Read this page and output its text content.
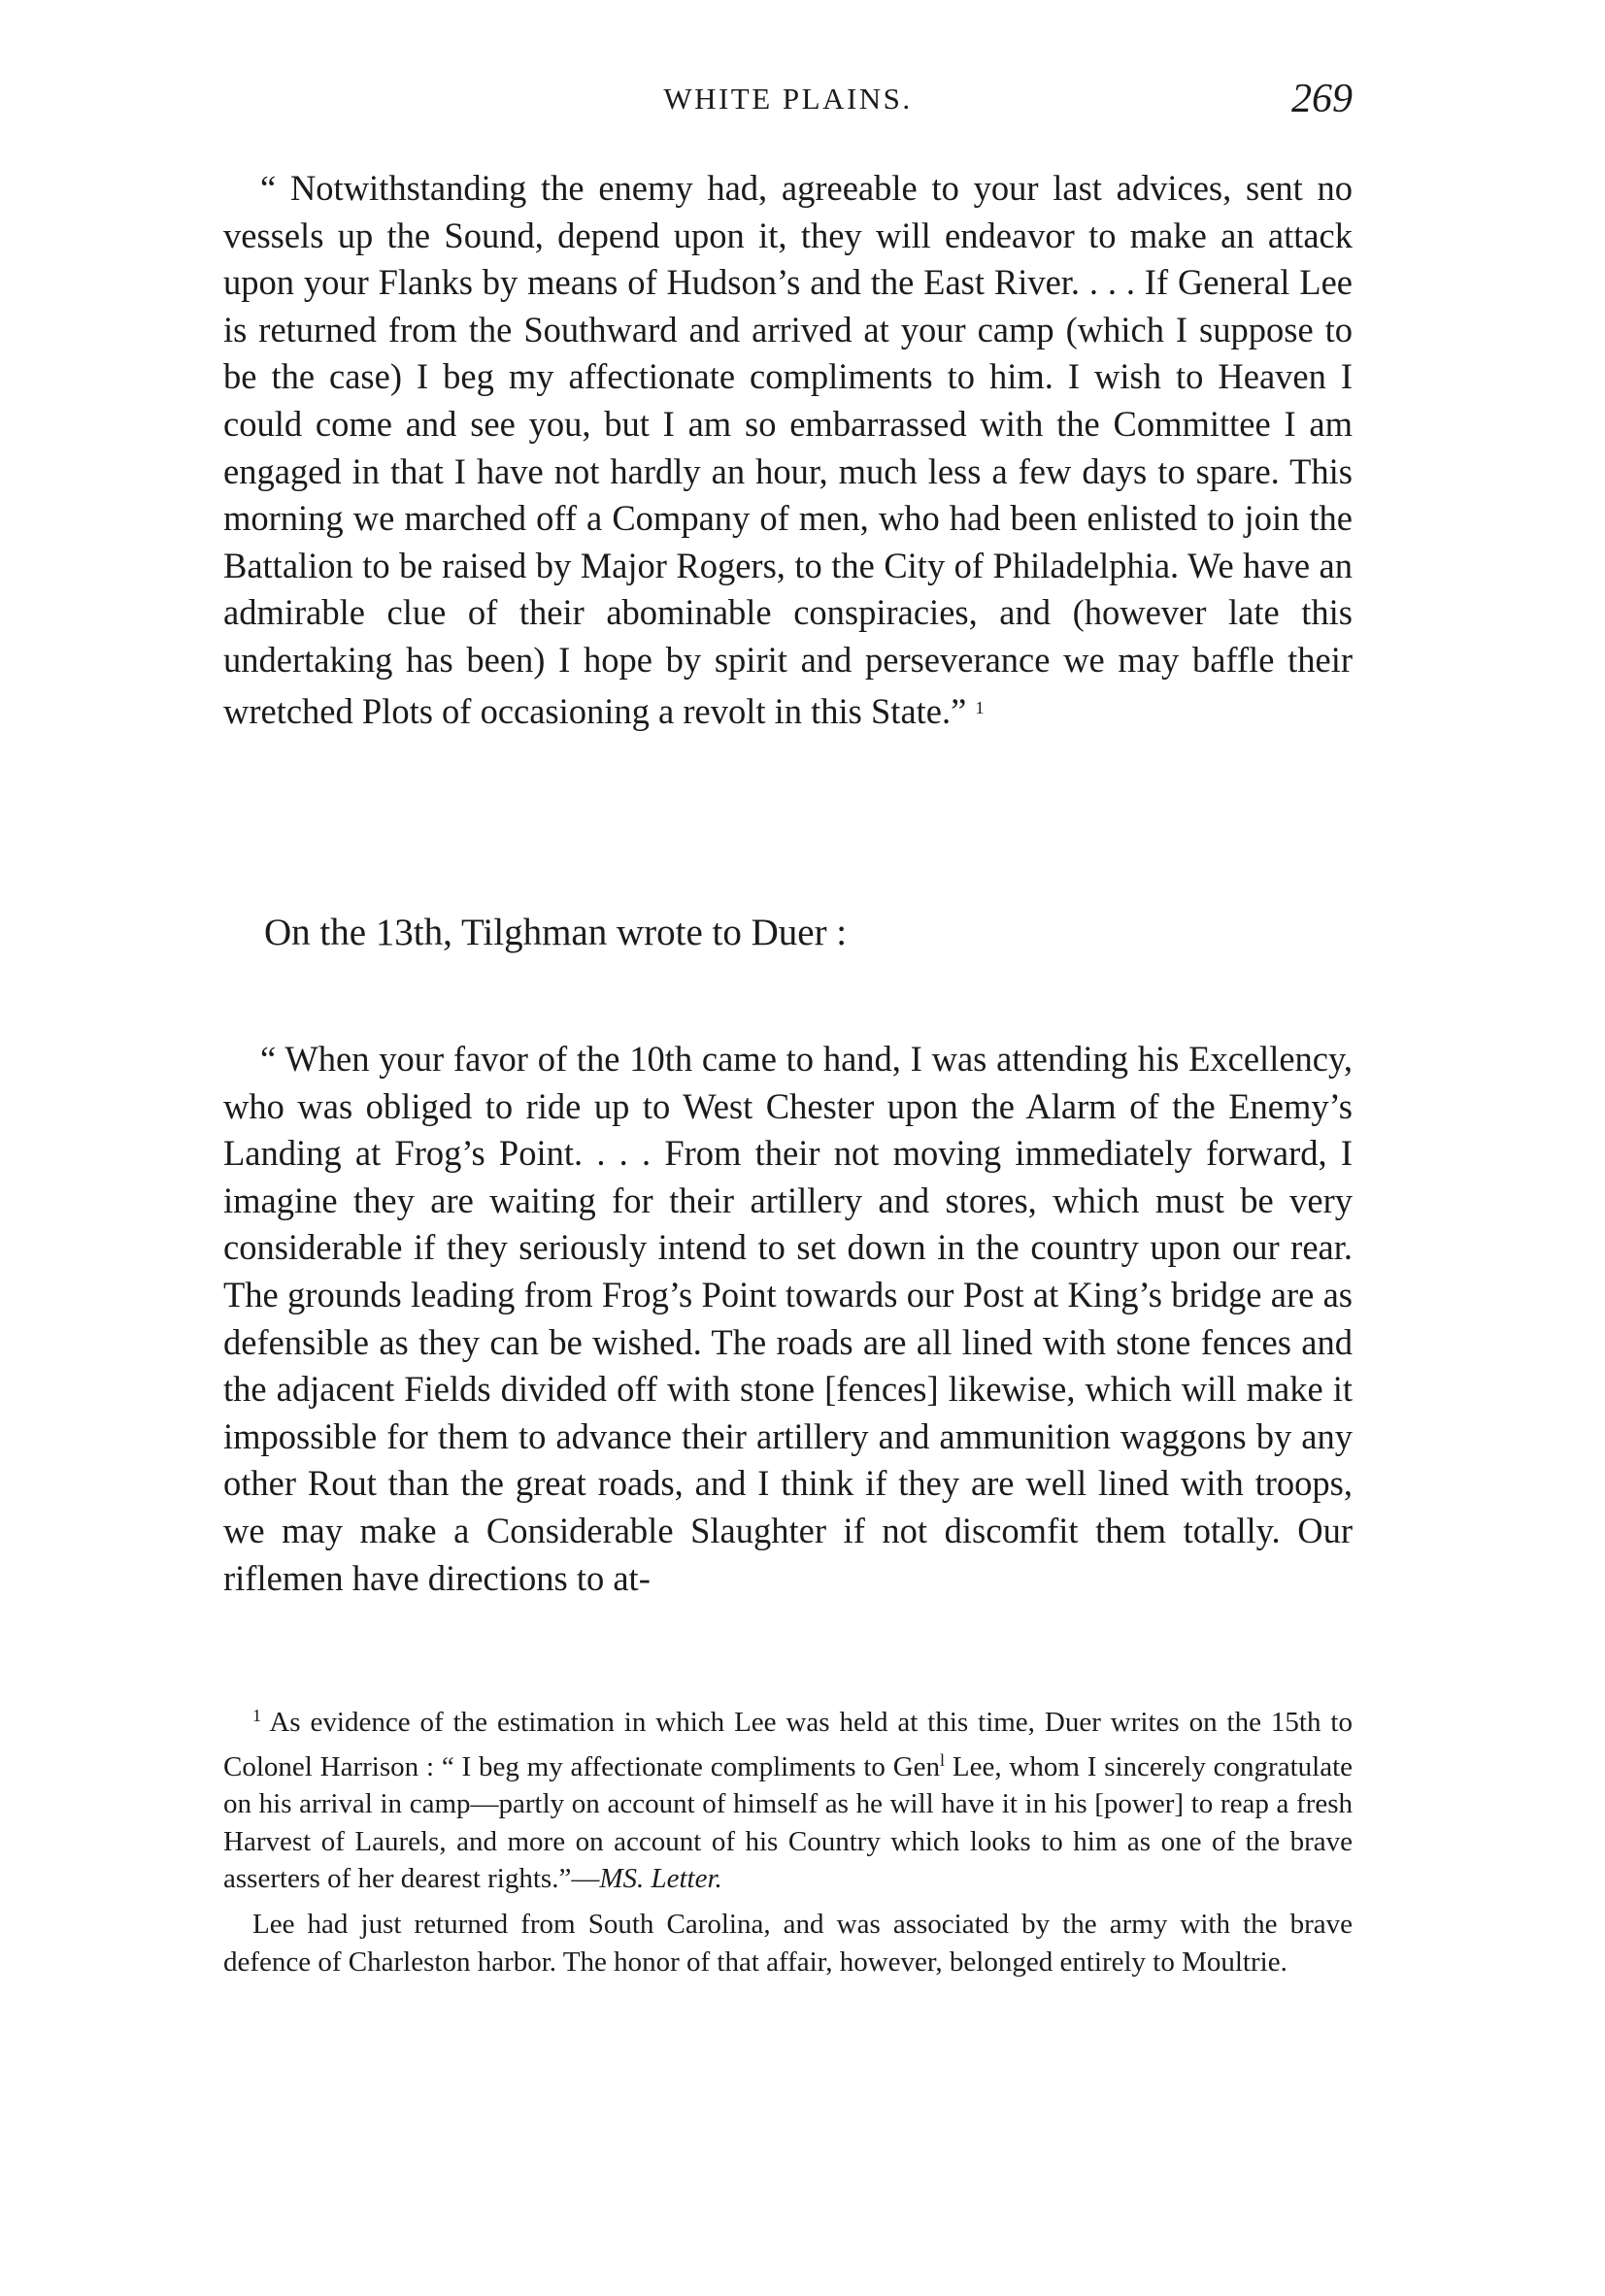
WHITE PLAINS.	269

“ Notwithstanding the enemy had, agreeable to your last advices, sent no vessels up the Sound, depend upon it, they will endeavor to make an attack upon your Flanks by means of Hudson’s and the East River. . . . If General Lee is returned from the Southward and arrived at your camp (which I suppose to be the case) I beg my affectionate compliments to him. I wish to Heaven I could come and see you, but I am so embarrassed with the Committee I am engaged in that I have not hardly an hour, much less a few days to spare. This morning we marched off a Company of men, who had been enlisted to join the Battalion to be raised by Major Rogers, to the City of Philadelphia. We have an admirable clue of their abominable conspiracies, and (however late this undertaking has been) I hope by spirit and perseverance we may baffle their wretched Plots of occasioning a revolt in this State.” $^1$

On the 13th, Tilghman wrote to Duer :

“ When your favor of the 10th came to hand, I was attending his Excellency, who was obliged to ride up to West Chester upon the Alarm of the Enemy’s Landing at Frog’s Point. . . . From their not moving immediately forward, I imagine they are waiting for their artillery and stores, which must be very considerable if they seriously intend to set down in the country upon our rear. The grounds leading from Frog’s Point towards our Post at King’s bridge are as defensible as they can be wished. The roads are all lined with stone fences and the adjacent Fields divided off with stone [fences] likewise, which will make it impossible for them to advance their artillery and ammunition waggons by any other Rout than the great roads, and I think if they are well lined with troops, we may make a Considerable Slaughter if not discomfit them totally. Our riflemen have directions to at-

$^1$ As evidence of the estimation in which Lee was held at this time, Duer writes on the 15th to Colonel Harrison : “ I beg my affectionate compliments to Gen$^l$ Lee, whom I sincerely congratulate on his arrival in camp—partly on account of himself as he will have it in his [power] to reap a fresh Harvest of Laurels, and more on account of his Country which looks to him as one of the brave asserters of her dearest rights.”—MS. Letter.

Lee had just returned from South Carolina, and was associated by the army with the brave defence of Charleston harbor. The honor of that affair, however, belonged entirely to Moultrie.
